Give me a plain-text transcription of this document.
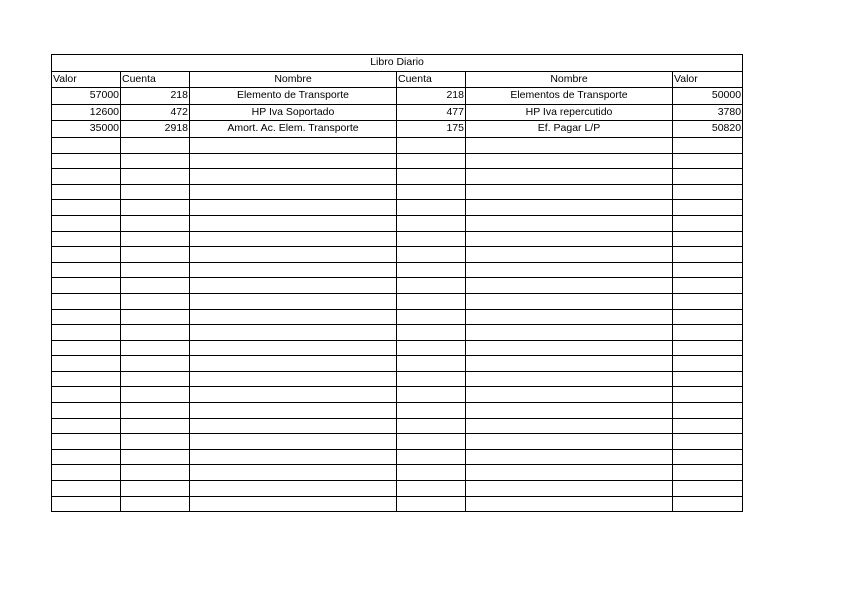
Libro Diario					
Valor	Cuenta	Nombre	Cuenta	Nombre	Valor
57000	218	Elemento de Transporte	218	Elementos de Transporte	50000
12600	472	HP Iva Soportado	477	HP Iva repercutido	3780
35000	2918	Amort. Ac. Elem. Transporte	175	Ef. Pagar L/P	50820
